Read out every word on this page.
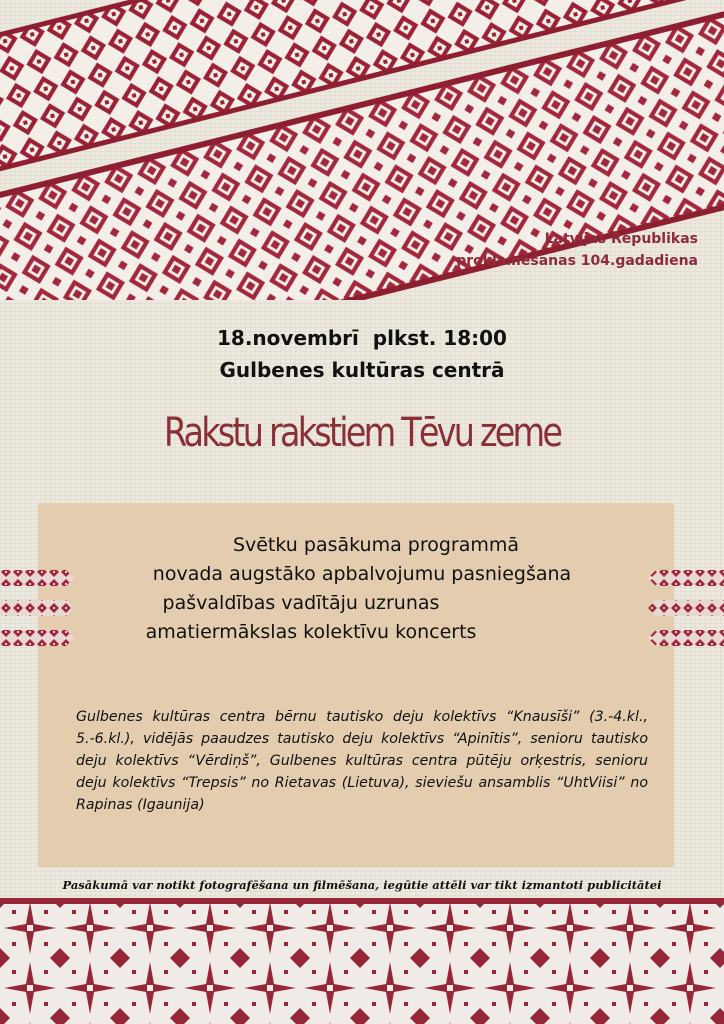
Latvijas Republikas
proklamēšanas 104.gadadiena
18.novembrī  plkst. 18:00
Gulbenes kultūras centrā
Rakstu rakstiem Tēvu zeme
Svētku pasākuma programmā
novada augstāko apbalvojumu pasniegšana
pašvaldības vadītāju uzrunas
amatiermākslas kolektīvu koncerts
Gulbenes kultūras centra bērnu tautisko deju kolektīvs “Knausīši” (3.-4.kl., 5.-6.kl.), vidējās paaudzes tautisko deju kolektīvs “Apinītis”, senioru tautisko deju kolektīvs “Vērdiņš”, Gulbenes kultūras centra pūtēju orķestris, senioru deju kolektīvs “Trepsis” no Rietavas (Lietuva), sieviešu ansamblis “UhtViisi” no Rapinas (Igaunija)
Pasākumā var notikt fotografēšana un filmēšana, iegūtie attēli var tikt izmantoti publicitātei
